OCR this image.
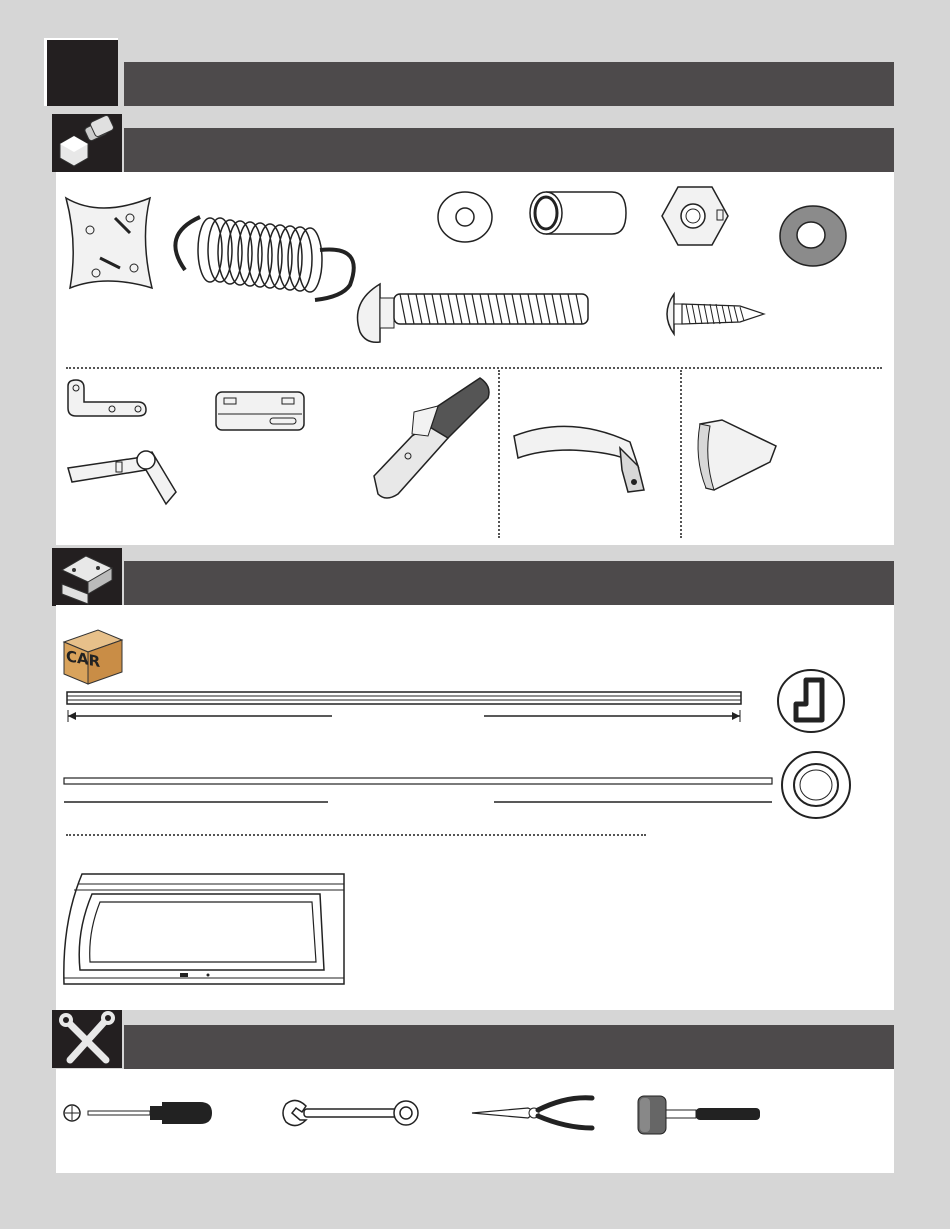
CAR
